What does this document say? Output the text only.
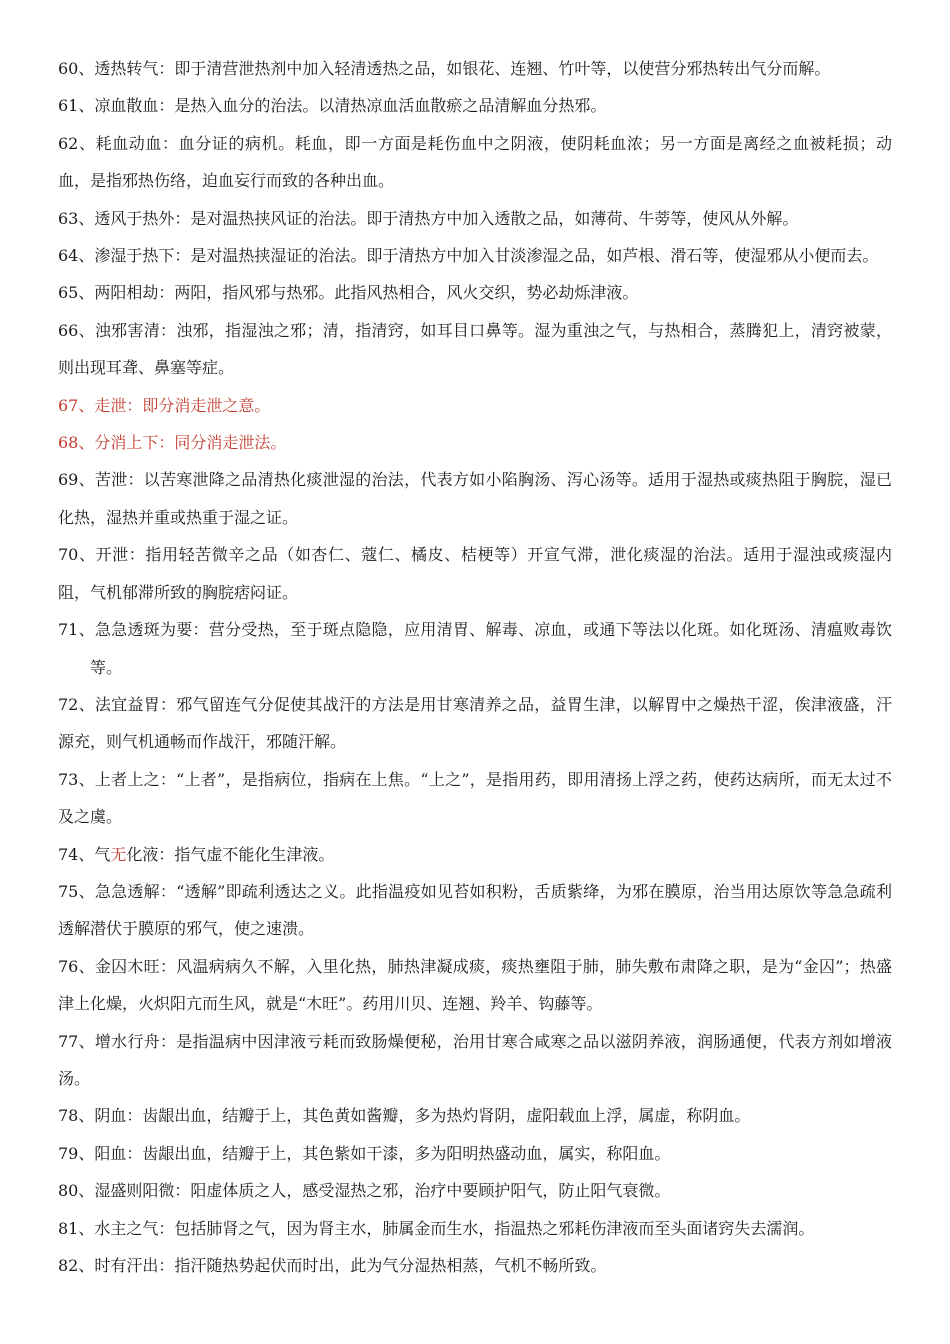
60、透热转气：即于清营泄热剂中加入轻清透热之品，如银花、连翘、竹叶等，以使营分邪热转出气分而解。

61、凉血散血：是热入血分的治法。以清热凉血活血散瘀之品清解血分热邪。

62、耗血动血：血分证的病机。耗血，即一方面是耗伤血中之阴液，使阴耗血浓；另一方面是离经之血被耗损；动血，是指邪热伤络，迫血妄行而致的各种出血。

63、透风于热外：是对温热挟风证的治法。即于清热方中加入透散之品，如薄荷、牛蒡等，使风从外解。

64、渗湿于热下：是对温热挟湿证的治法。即于清热方中加入甘淡渗湿之品，如芦根、滑石等，使湿邪从小便而去。

65、两阳相劫：两阳，指风邪与热邪。此指风热相合，风火交织，势必劫烁津液。

66、浊邪害清：浊邪，指湿浊之邪；清，指清窍，如耳目口鼻等。湿为重浊之气，与热相合，蒸腾犯上，清窍被蒙，则出现耳聋、鼻塞等症。

67、走泄：即分消走泄之意。

68、分消上下：同分消走泄法。

69、苦泄：以苦寒泄降之品清热化痰泄湿的治法，代表方如小陷胸汤、泻心汤等。适用于湿热或痰热阻于胸脘，湿已化热，湿热并重或热重于湿之证。

70、开泄：指用轻苦微辛之品（如杏仁、蔻仁、橘皮、桔梗等）开宣气滞，泄化痰湿的治法。适用于湿浊或痰湿内阻，气机郁滞所致的胸脘痞闷证。

71、急急透斑为要：营分受热，至于斑点隐隐，应用清胃、解毒、凉血，或通下等法以化斑。如化斑汤、清瘟败毒饮等。

72、法宜益胃：邪气留连气分促使其战汗的方法是用甘寒清养之品，益胃生津，以解胃中之燥热干涩，俟津液盛，汗源充，则气机通畅而作战汗，邪随汗解。

73、上者上之：“上者”，是指病位，指病在上焦。“上之”，是指用药，即用清扬上浮之药，使药达病所，而无太过不及之虞。

74、气无化液：指气虚不能化生津液。

75、急急透解：“透解”即疏利透达之义。此指温疫如见苔如积粉，舌质紫绛，为邪在膜原，治当用达原饮等急急疏利透解潜伏于膜原的邪气，使之速溃。

76、金囚木旺：风温病病久不解，入里化热，肺热津凝成痰，痰热壅阻于肺，肺失敷布肃降之职，是为“金囚”；热盛津上化燥，火炽阳亢而生风，就是“木旺”。药用川贝、连翘、羚羊、钩藤等。

77、增水行舟：是指温病中因津液亏耗而致肠燥便秘，治用甘寒合咸寒之品以滋阴养液，润肠通便，代表方剂如增液汤。

78、阴血：齿龈出血，结瓣于上，其色黄如酱瓣，多为热灼肾阴，虚阳载血上浮，属虚，称阴血。

79、阳血：齿龈出血，结瓣于上，其色紫如干漆，多为阳明热盛动血，属实，称阳血。

80、湿盛则阳微：阳虚体质之人，感受湿热之邪，治疗中要顾护阳气，防止阳气衰微。

81、水主之气：包括肺肾之气，因为肾主水，肺属金而生水，指温热之邪耗伤津液而至头面诸窍失去濡润。

82、时有汗出：指汗随热势起伏而时出，此为气分湿热相蒸，气机不畅所致。
